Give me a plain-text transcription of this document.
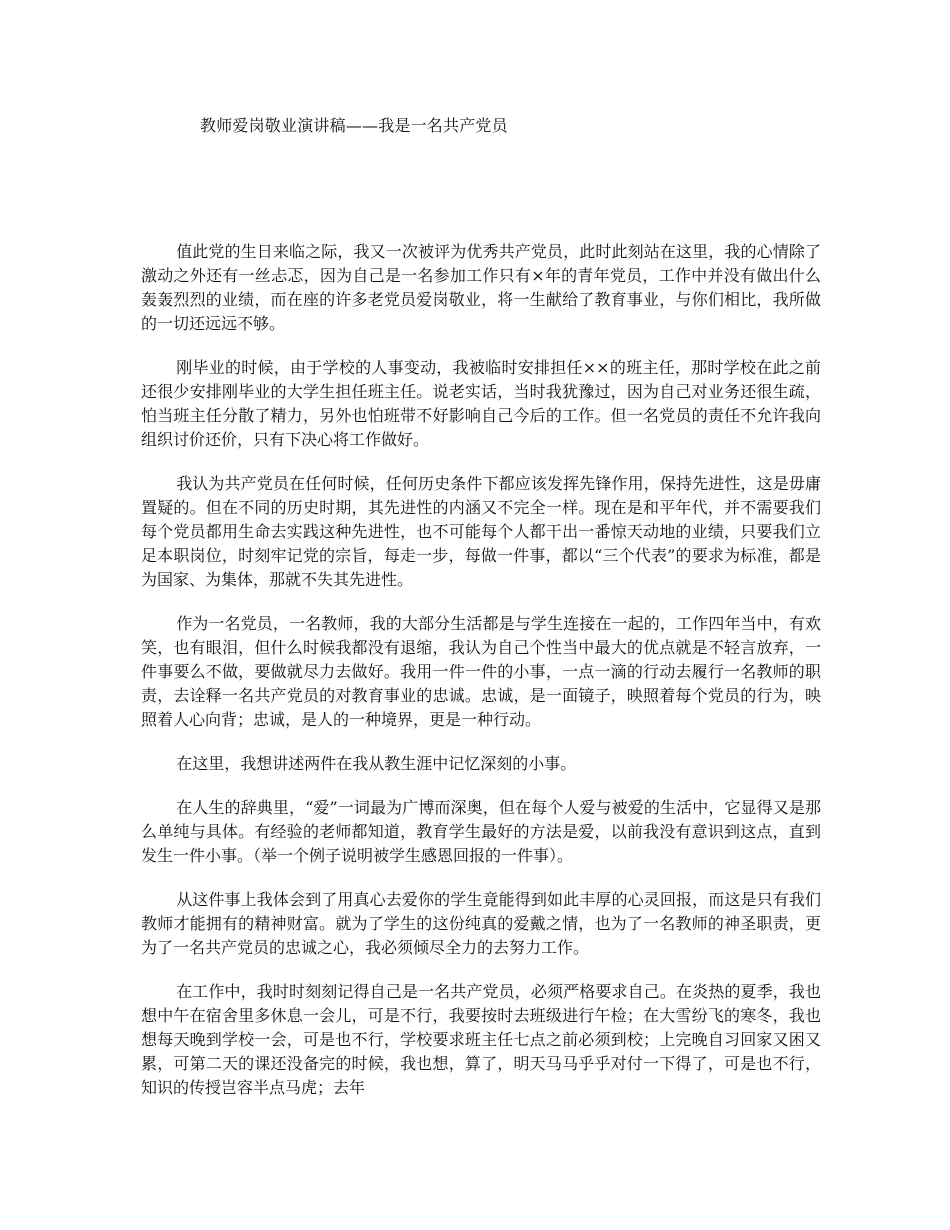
教师爱岗敬业演讲稿——我是一名共产党员

值此党的生日来临之际，我又一次被评为优秀共产党员，此时此刻站在这里，我的心情除了激动之外还有一丝忐忑，因为自己是一名参加工作只有×年的青年党员，工作中并没有做出什么轰轰烈烈的业绩，而在座的许多老党员爱岗敬业，将一生献给了教育事业，与你们相比，我所做的一切还远远不够。

刚毕业的时候，由于学校的人事变动，我被临时安排担任××的班主任，那时学校在此之前还很少安排刚毕业的大学生担任班主任。说老实话，当时我犹豫过，因为自己对业务还很生疏，怕当班主任分散了精力，另外也怕班带不好影响自己今后的工作。但一名党员的责任不允许我向组织讨价还价，只有下决心将工作做好。

我认为共产党员在任何时候，任何历史条件下都应该发挥先锋作用，保持先进性，这是毋庸置疑的。但在不同的历史时期，其先进性的内涵又不完全一样。现在是和平年代，并不需要我们每个党员都用生命去实践这种先进性，也不可能每个人都干出一番惊天动地的业绩，只要我们立足本职岗位，时刻牢记党的宗旨，每走一步，每做一件事，都以“三个代表”的要求为标准，都是为国家、为集体，那就不失其先进性。

作为一名党员，一名教师，我的大部分生活都是与学生连接在一起的，工作四年当中，有欢笑，也有眼泪，但什么时候我都没有退缩，我认为自己个性当中最大的优点就是不轻言放弃，一件事要么不做，要做就尽力去做好。我用一件一件的小事，一点一滴的行动去履行一名教师的职责，去诠释一名共产党员的对教育事业的忠诚。忠诚，是一面镜子，映照着每个党员的行为，映照着人心向背；忠诚，是人的一种境界，更是一种行动。

在这里，我想讲述两件在我从教生涯中记忆深刻的小事。

在人生的辞典里，“爱”一词最为广博而深奥，但在每个人爱与被爱的生活中，它显得又是那么单纯与具体。有经验的老师都知道，教育学生最好的方法是爱，以前我没有意识到这点，直到发生一件小事。（举一个例子说明被学生感恩回报的一件事）。

从这件事上我体会到了用真心去爱你的学生竟能得到如此丰厚的心灵回报，而这是只有我们教师才能拥有的精神财富。就为了学生的这份纯真的爱戴之情，也为了一名教师的神圣职责，更为了一名共产党员的忠诚之心，我必须倾尽全力的去努力工作。

在工作中，我时时刻刻记得自己是一名共产党员，必须严格要求自己。在炎热的夏季，我也想中午在宿舍里多休息一会儿，可是不行，我要按时去班级进行午检；在大雪纷飞的寒冬，我也想每天晚到学校一会，可是也不行，学校要求班主任七点之前必须到校；上完晚自习回家又困又累，可第二天的课还没备完的时候，我也想，算了，明天马马乎乎对付一下得了，可是也不行，知识的传授岂容半点马虎；去年
